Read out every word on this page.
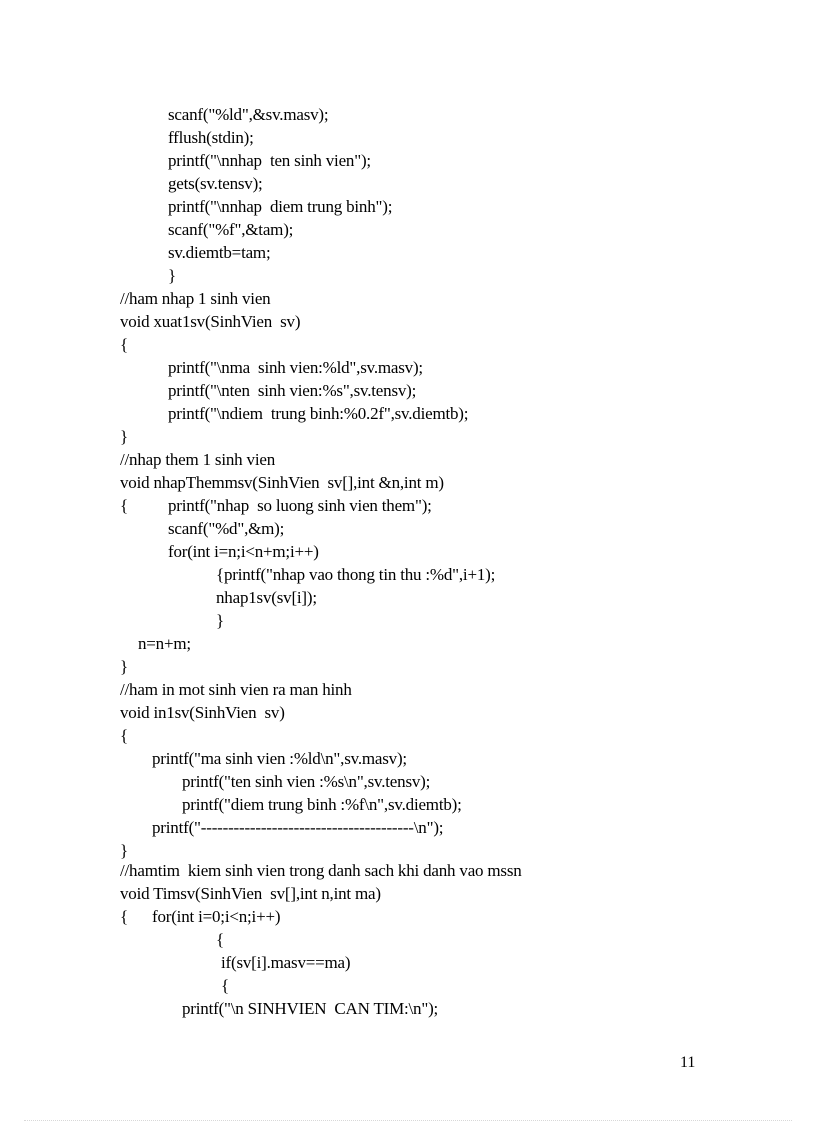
scanf("%ld",&sv.masv);
fflush(stdin);
printf("\nnhap  ten sinh vien");
gets(sv.tensv);
printf("\nnhap  diem trung binh");
scanf("%f",&tam);
sv.diemtb=tam;
}
//ham nhap 1 sinh vien
void xuat1sv(SinhVien  sv)
{
printf("\nma  sinh vien:%ld",sv.masv);
printf("\nten  sinh vien:%s",sv.tensv);
printf("\ndiem  trung binh:%0.2f",sv.diemtb);
}
//nhap them 1 sinh vien
void nhapThemmsv(SinhVien  sv[],int &n,int m)
{ printf("nhap  so luong sinh vien them");
scanf("%d",&m);
for(int i=n;i<n+m;i++)
{printf("nhap vao thong tin thu :%d",i+1);
nhap1sv(sv[i]);
}
n=n+m;
}
//ham in mot sinh vien ra man hinh
void in1sv(SinhVien  sv)
{
printf("ma sinh vien :%ld\n",sv.masv);
printf("ten sinh vien :%s\n",sv.tensv);
printf("diem trung binh :%f\n",sv.diemtb);
printf("---------------------------------------\n");
}
//hamtim  kiem sinh vien trong danh sach khi danh vao mssn
void Timsv(SinhVien  sv[],int n,int ma)
{ for(int i=0;i<n;i++)
{
if(sv[i].masv==ma)
{
printf("\n SINHVIEN  CAN TIM:\n");
11
